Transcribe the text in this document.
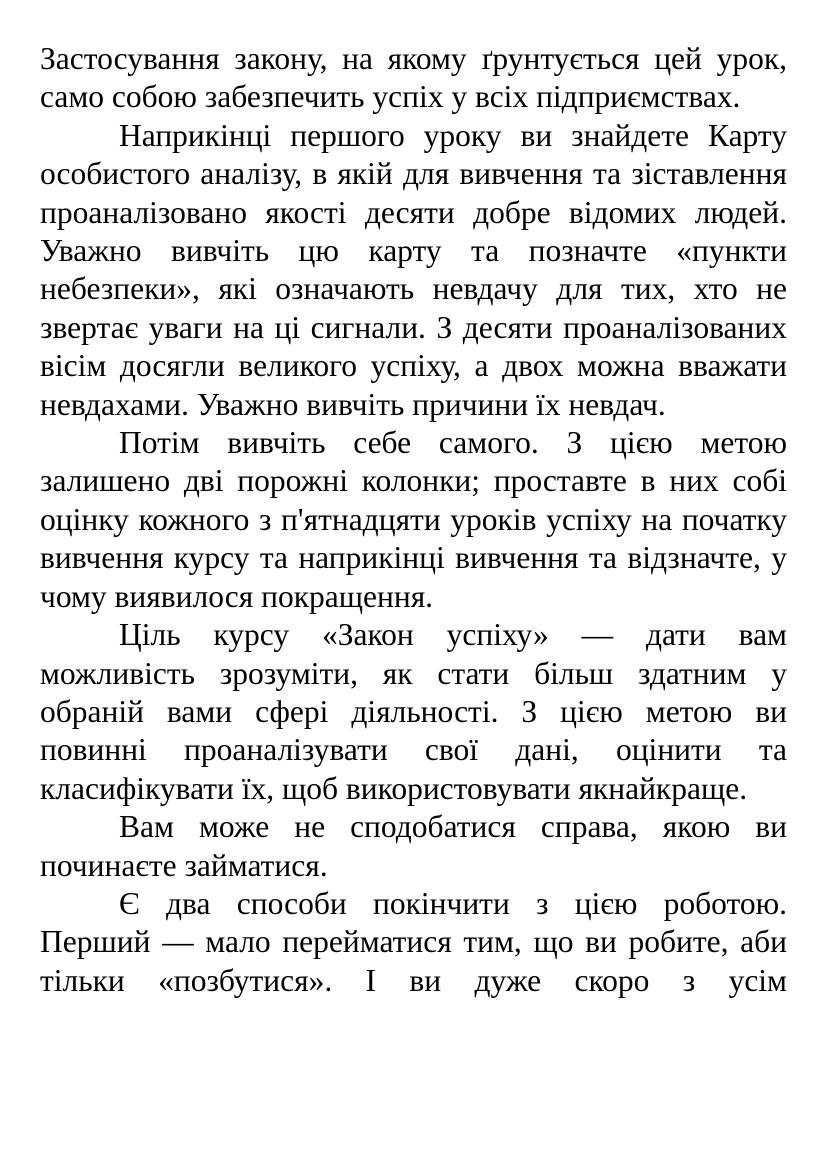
Застосування закону, на якому ґрунтується цей урок, само собою забезпечить успіх у всіх підприємствах.

Наприкінці першого уроку ви знайдете Карту особистого аналізу, в якій для вивчення та зіставлення проаналізовано якості десяти добре відомих людей. Уважно вивчіть цю карту та позначте «пункти небезпеки», які означають невдачу для тих, хто не звертає уваги на ці сигнали. З десяти проаналізованих вісім досягли великого успіху, а двох можна вважати невдахами. Уважно вивчіть причини їх невдач.

Потім вивчіть себе самого. З цією метою залишено дві порожні колонки; проставте в них собі оцінку кожного з п'ятнадцяти уроків успіху на початку вивчення курсу та наприкінці вивчення та відзначте, у чому виявилося покращення.

Ціль курсу «Закон успіху» — дати вам можливість зрозуміти, як стати більш здатним у обраній вами сфері діяльності. З цією метою ви повинні проаналізувати свої дані, оцінити та класифікувати їх, щоб використовувати якнайкраще.

Вам може не сподобатися справа, якою ви починаєте займатися.

Є два способи покінчити з цією роботою. Перший — мало перейматися тим, що ви робите, аби тільки «позбутися». І ви дуже скоро з усім
